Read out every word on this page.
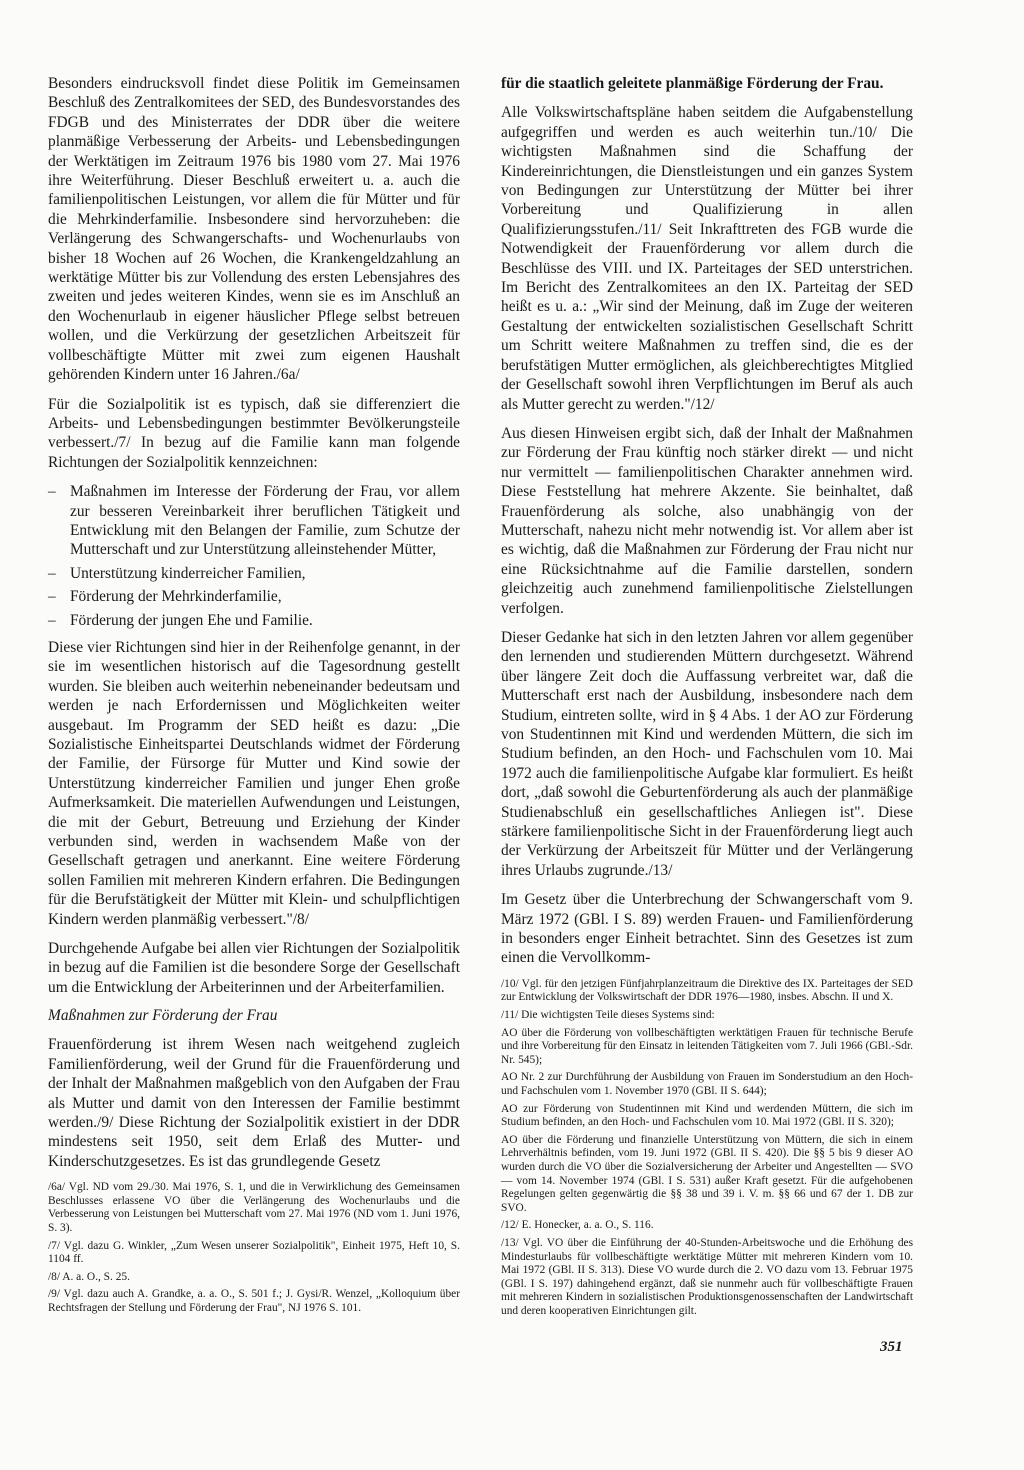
Besonders eindrucksvoll findet diese Politik im Gemeinsamen Beschluß des Zentralkomitees der SED, des Bundesvorstandes des FDGB und des Ministerrates der DDR über die weitere planmäßige Verbesserung der Arbeits- und Lebensbedingungen der Werktätigen im Zeitraum 1976 bis 1980 vom 27. Mai 1976 ihre Weiterführung. Dieser Beschluß erweitert u. a. auch die familienpolitischen Leistungen, vor allem die für Mütter und für die Mehrkinderfamilie. Insbesondere sind hervorzuheben: die Verlängerung des Schwangerschafts- und Wochenurlaubs von bisher 18 Wochen auf 26 Wochen, die Krankengeldzahlung an werktätige Mütter bis zur Vollendung des ersten Lebensjahres des zweiten und jedes weiteren Kindes, wenn sie es im Anschluß an den Wochenurlaub in eigener häuslicher Pflege selbst betreuen wollen, und die Verkürzung der gesetzlichen Arbeitszeit für vollbeschäftigte Mütter mit zwei zum eigenen Haushalt gehörenden Kindern unter 16 Jahren./6a/

Für die Sozialpolitik ist es typisch, daß sie differenziert die Arbeits- und Lebensbedingungen bestimmter Bevölkerungsteile verbessert./7/ In bezug auf die Familie kann man folgende Richtungen der Sozialpolitik kennzeichnen:

– Maßnahmen im Interesse der Förderung der Frau, vor allem zur besseren Vereinbarkeit ihrer beruflichen Tätigkeit und Entwicklung mit den Belangen der Familie, zum Schutze der Mutterschaft und zur Unterstützung alleinstehender Mütter,
– Unterstützung kinderreicher Familien,
– Förderung der Mehrkinderfamilie,
– Förderung der jungen Ehe und Familie.

Diese vier Richtungen sind hier in der Reihenfolge genannt, in der sie im wesentlichen historisch auf die Tagesordnung gestellt wurden. Sie bleiben auch weiterhin nebeneinander bedeutsam und werden je nach Erfordernissen und Möglichkeiten weiter ausgebaut. Im Programm der SED heißt es dazu: „Die Sozialistische Einheitspartei Deutschlands widmet der Förderung der Familie, der Fürsorge für Mutter und Kind sowie der Unterstützung kinderreicher Familien und junger Ehen große Aufmerksamkeit. Die materiellen Aufwendungen und Leistungen, die mit der Geburt, Betreuung und Erziehung der Kinder verbunden sind, werden in wachsendem Maße von der Gesellschaft getragen und anerkannt. Eine weitere Förderung sollen Familien mit mehreren Kindern erfahren. Die Bedingungen für die Berufstätigkeit der Mütter mit Klein- und schulpflichtigen Kindern werden planmäßig verbessert."/8/

Durchgehende Aufgabe bei allen vier Richtungen der Sozialpolitik in bezug auf die Familien ist die besondere Sorge der Gesellschaft um die Entwicklung der Arbeiterinnen und der Arbeiterfamilien.

Maßnahmen zur Förderung der Frau

Frauenförderung ist ihrem Wesen nach weitgehend zugleich Familienförderung, weil der Grund für die Frauenförderung und der Inhalt der Maßnahmen maßgeblich von den Aufgaben der Frau als Mutter und damit von den Interessen der Familie bestimmt werden./9/ Diese Richtung der Sozialpolitik existiert in der DDR mindestens seit 1950, seit dem Erlaß des Mutter- und Kinderschutzgesetzes. Es ist das grundlegende Gesetz

/6a/ Vgl. ND vom 29./30. Mai 1976, S. 1, und die in Verwirklichung des Gemeinsamen Beschlusses erlassene VO über die Verlängerung des Wochenurlaubs und die Verbesserung von Leistungen bei Mutterschaft vom 27. Mai 1976 (ND vom 1. Juni 1976, S. 3).

/7/ Vgl. dazu G. Winkler, „Zum Wesen unserer Sozialpolitik", Einheit 1975, Heft 10, S. 1104 ff.

/8/ A. a. O., S. 25.

/9/ Vgl. dazu auch A. Grandke, a. a. O., S. 501 f.; J. Gysi/R. Wenzel, „Kolloquium über Rechtsfragen der Stellung und Förderung der Frau", NJ 1976 S. 101.

für die staatlich geleitete planmäßige Förderung der Frau.

Alle Volkswirtschaftspläne haben seitdem die Aufgabenstellung aufgegriffen und werden es auch weiterhin tun./10/ Die wichtigsten Maßnahmen sind die Schaffung der Kindereinrichtungen, die Dienstleistungen und ein ganzes System von Bedingungen zur Unterstützung der Mütter bei ihrer Vorbereitung und Qualifizierung in allen Qualifizierungsstufen./11/ Seit Inkrafttreten des FGB wurde die Notwendigkeit der Frauenförderung vor allem durch die Beschlüsse des VIII. und IX. Parteitages der SED unterstrichen. Im Bericht des Zentralkomitees an den IX. Parteitag der SED heißt es u. a.: „Wir sind der Meinung, daß im Zuge der weiteren Gestaltung der entwickelten sozialistischen Gesellschaft Schritt um Schritt weitere Maßnahmen zu treffen sind, die es der berufstätigen Mutter ermöglichen, als gleichberechtigtes Mitglied der Gesellschaft sowohl ihren Verpflichtungen im Beruf als auch als Mutter gerecht zu werden."/12/

Aus diesen Hinweisen ergibt sich, daß der Inhalt der Maßnahmen zur Förderung der Frau künftig noch stärker direkt — und nicht nur vermittelt — familienpolitischen Charakter annehmen wird. Diese Feststellung hat mehrere Akzente. Sie beinhaltet, daß Frauenförderung als solche, also unabhängig von der Mutterschaft, nahezu nicht mehr notwendig ist. Vor allem aber ist es wichtig, daß die Maßnahmen zur Förderung der Frau nicht nur eine Rücksichtnahme auf die Familie darstellen, sondern gleichzeitig auch zunehmend familienpolitische Zielstellungen verfolgen.

Dieser Gedanke hat sich in den letzten Jahren vor allem gegenüber den lernenden und studierenden Müttern durchgesetzt. Während über längere Zeit doch die Auffassung verbreitet war, daß die Mutterschaft erst nach der Ausbildung, insbesondere nach dem Studium, eintreten sollte, wird in § 4 Abs. 1 der AO zur Förderung von Studentinnen mit Kind und werdenden Müttern, die sich im Studium befinden, an den Hoch- und Fachschulen vom 10. Mai 1972 auch die familienpolitische Aufgabe klar formuliert. Es heißt dort, „daß sowohl die Geburtenförderung als auch der planmäßige Studienabschluß ein gesellschaftliches Anliegen ist". Diese stärkere familienpolitische Sicht in der Frauenförderung liegt auch der Verkürzung der Arbeitszeit für Mütter und der Verlängerung ihres Urlaubs zugrunde./13/

Im Gesetz über die Unterbrechung der Schwangerschaft vom 9. März 1972 (GBl. I S. 89) werden Frauen- und Familienförderung in besonders enger Einheit betrachtet. Sinn des Gesetzes ist zum einen die Vervollkomm-

/10/ Vgl. für den jetzigen Fünfjahrplanzeitraum die Direktive des IX. Parteitages der SED zur Entwicklung der Volkswirtschaft der DDR 1976—1980, insbes. Abschn. II und X.

/11/ Die wichtigsten Teile dieses Systems sind:

AO über die Förderung von vollbeschäftigten werktätigen Frauen für technische Berufe und ihre Vorbereitung für den Einsatz in leitenden Tätigkeiten vom 7. Juli 1966 (GBl.-Sdr. Nr. 545);

AO Nr. 2 zur Durchführung der Ausbildung von Frauen im Sonderstudium an den Hoch- und Fachschulen vom 1. November 1970 (GBl. II S. 644);

AO zur Förderung von Studentinnen mit Kind und werdenden Müttern, die sich im Studium befinden, an den Hoch- und Fachschulen vom 10. Mai 1972 (GBl. II S. 320);

AO über die Förderung und finanzielle Unterstützung von Müttern, die sich in einem Lehrverhältnis befinden, vom 19. Juni 1972 (GBl. II S. 420). Die §§ 5 bis 9 dieser AO wurden durch die VO über die Sozialversicherung der Arbeiter und Angestellten — SVO — vom 14. November 1974 (GBl. I S. 531) außer Kraft gesetzt. Für die aufgehobenen Regelungen gelten gegenwärtig die §§ 38 und 39 i. V. m. §§ 66 und 67 der 1. DB zur SVO.

/12/ E. Honecker, a. a. O., S. 116.

/13/ Vgl. VO über die Einführung der 40-Stunden-Arbeitswoche und die Erhöhung des Mindesturlaubs für vollbeschäftigte werktätige Mütter mit mehreren Kindern vom 10. Mai 1972 (GBl. II S. 313). Diese VO wurde durch die 2. VO dazu vom 13. Februar 1975 (GBl. I S. 197) dahingehend ergänzt, daß sie nunmehr auch für vollbeschäftigte Frauen mit mehreren Kindern in sozialistischen Produktionsgenossenschaften der Landwirtschaft und deren kooperativen Einrichtungen gilt.

351
